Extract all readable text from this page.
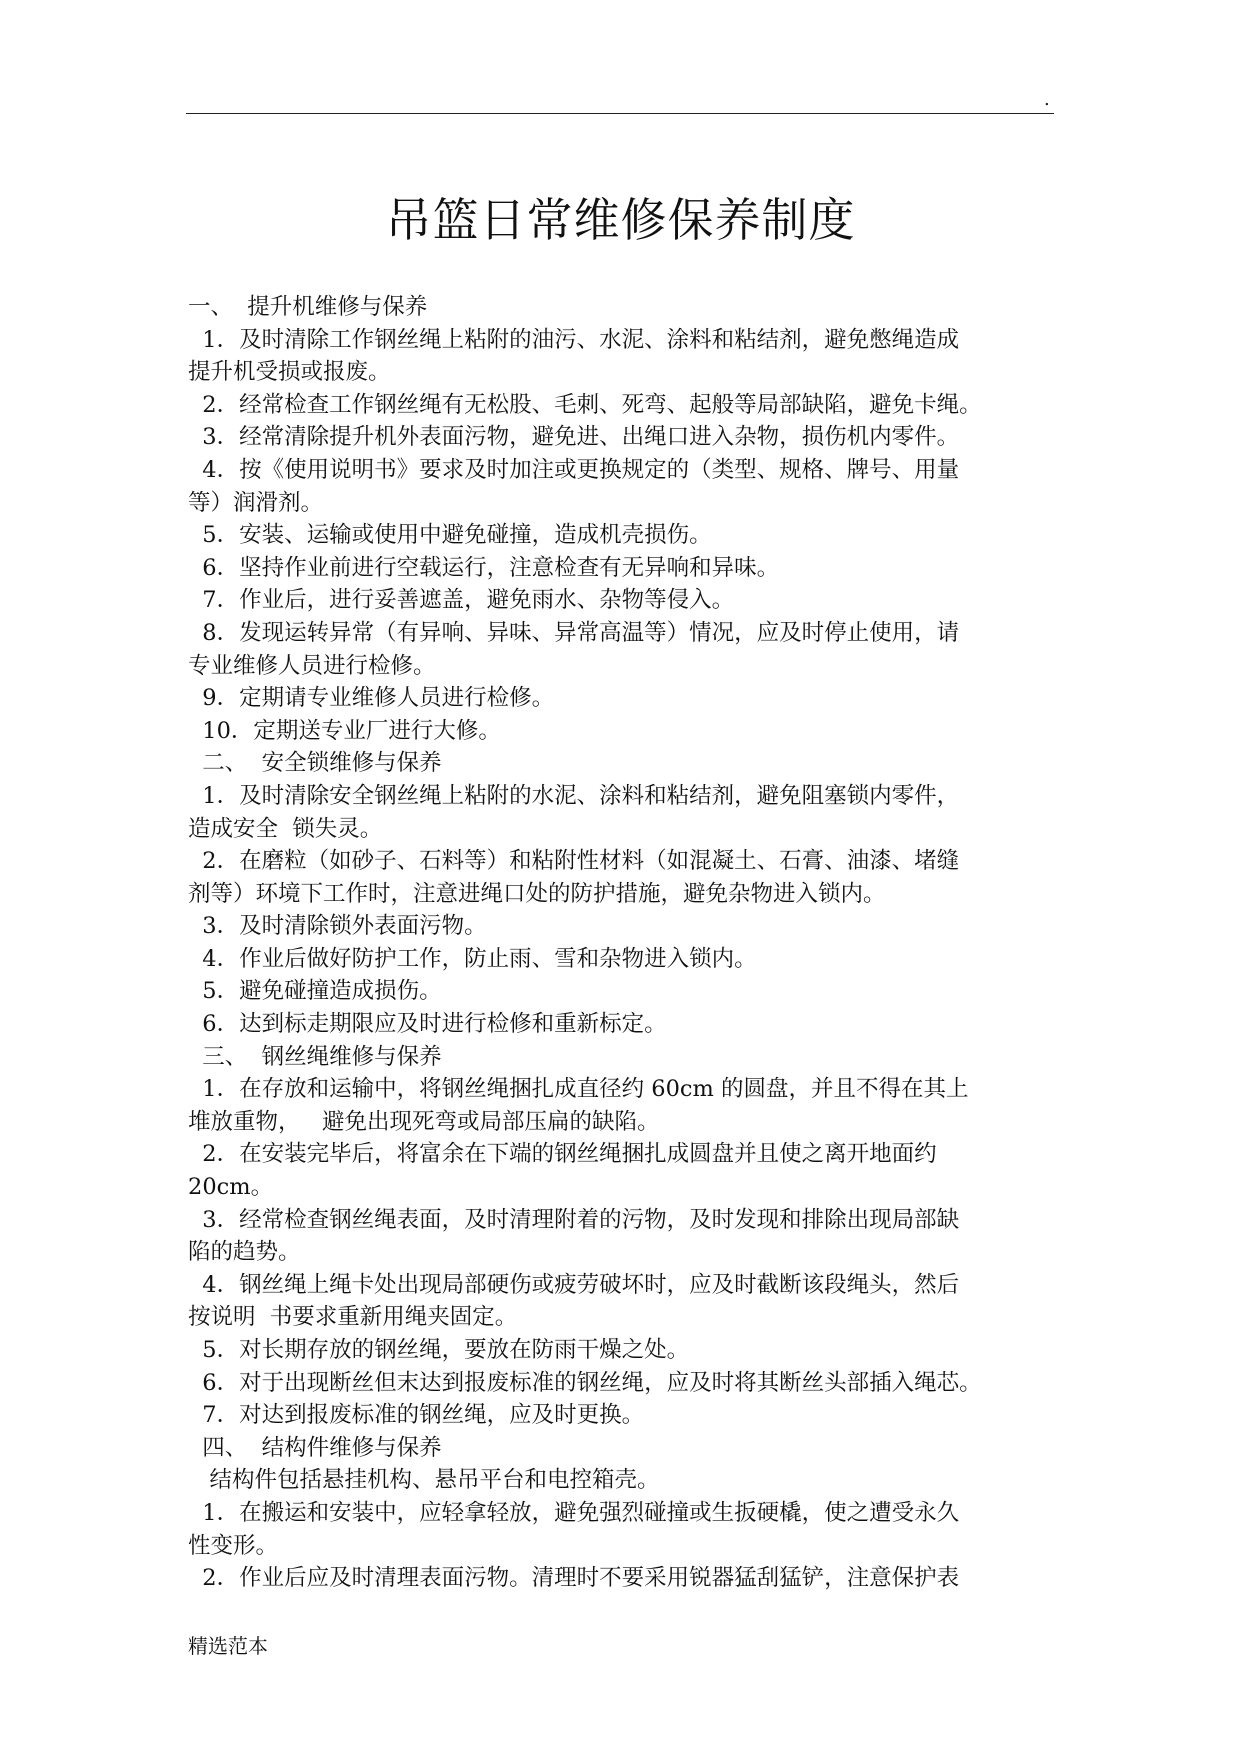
.
吊篮日常维修保养制度
一、  提升机维修与保养
1．及时清除工作钢丝绳上粘附的油污、水泥、涂料和粘结剂，避免憋绳造成
提升机受损或报废。
2．经常检查工作钢丝绳有无松股、毛刺、死弯、起般等局部缺陷，避免卡绳。
3．经常清除提升机外表面污物，避免进、出绳口进入杂物，损伤机内零件。
4．按《使用说明书》要求及时加注或更换规定的（类型、规格、牌号、用量
等）润滑剂。
5．安装、运输或使用中避免碰撞，造成机壳损伤。
6．坚持作业前进行空载运行，注意检查有无异响和异味。
7．作业后，进行妥善遮盖，避免雨水、杂物等侵入。
8．发现运转异常（有异响、异味、异常高温等）情况，应及时停止使用，请
专业维修人员进行检修。
9．定期请专业维修人员进行检修。
10．定期送专业厂进行大修。
二、  安全锁维修与保养
1．及时清除安全钢丝绳上粘附的水泥、涂料和粘结剂，避免阻塞锁内零件，
造成安全  锁失灵。
2．在磨粒（如砂子、石料等）和粘附性材料（如混凝土、石膏、油漆、堵缝
剂等）环境下工作时，注意进绳口处的防护措施，避免杂物进入锁内。
3．及时清除锁外表面污物。
4．作业后做好防护工作，防止雨、雪和杂物进入锁内。
5．避免碰撞造成损伤。
6．达到标走期限应及时进行检修和重新标定。
三、  钢丝绳维修与保养
1．在存放和运输中，将钢丝绳捆扎成直径约 60cm 的圆盘，并且不得在其上
堆放重物，   避免出现死弯或局部压扁的缺陷。
2．在安装完毕后，将富余在下端的钢丝绳捆扎成圆盘并且使之离开地面约
20cm。
3．经常检查钢丝绳表面，及时清理附着的污物，及时发现和排除出现局部缺
陷的趋势。
4．钢丝绳上绳卡处出现局部硬伤或疲劳破坏时，应及时截断该段绳头，然后
按说明  书要求重新用绳夹固定。
5．对长期存放的钢丝绳，要放在防雨干燥之处。
6．对于出现断丝但末达到报废标准的钢丝绳，应及时将其断丝头部插入绳芯。
7．对达到报废标准的钢丝绳，应及时更换。
四、  结构件维修与保养
结构件包括悬挂机构、悬吊平台和电控箱壳。
1．在搬运和安装中，应轻拿轻放，避免强烈碰撞或生扳硬橇，使之遭受永久
性变形。
2．作业后应及时清理表面污物。清理时不要采用锐器猛刮猛铲，注意保护表
精选范本
